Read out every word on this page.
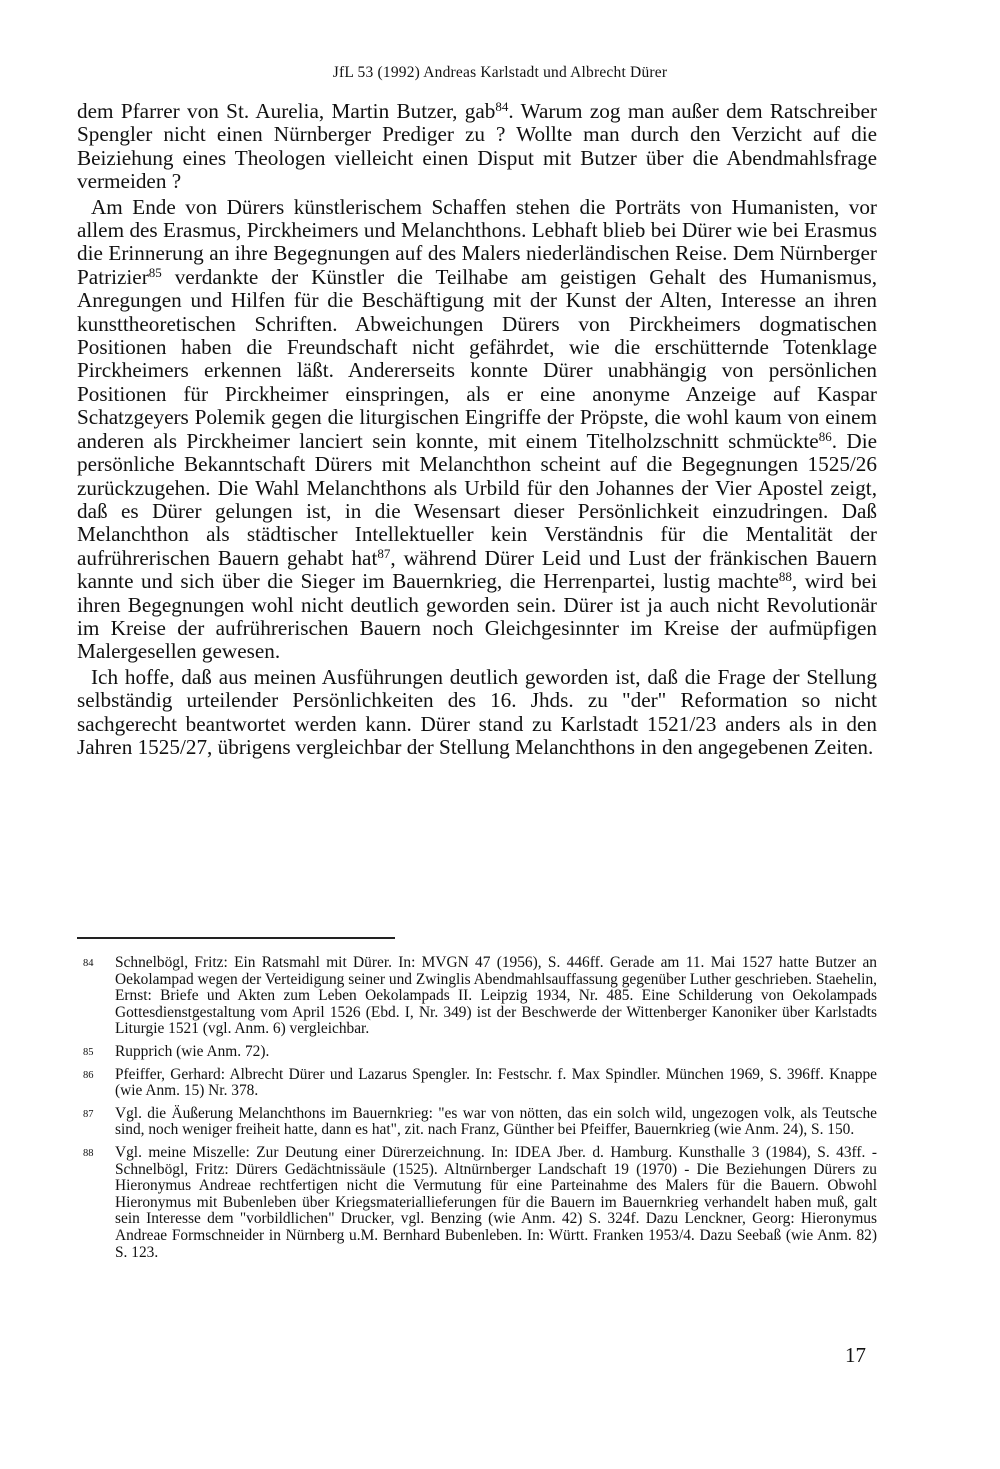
JfL 53 (1992) Andreas Karlstadt und Albrecht Dürer

dem Pfarrer von St. Aurelia, Martin Butzer, gab$^{84}$. Warum zog man außer dem Ratschreiber Spengler nicht einen Nürnberger Prediger zu ? Wollte man durch den Verzicht auf die Beiziehung eines Theologen vielleicht einen Disput mit Butzer über die Abendmahlsfrage vermeiden ?

Am Ende von Dürers künstlerischem Schaffen stehen die Porträts von Humanisten, vor allem des Erasmus, Pirckheimers und Melanchthons. Lebhaft blieb bei Dürer wie bei Erasmus die Erinnerung an ihre Begegnungen auf des Malers niederländischen Reise. Dem Nürnberger Patrizier$^{85}$ verdankte der Künstler die Teilhabe am geistigen Gehalt des Humanismus, Anregungen und Hilfen für die Beschäftigung mit der Kunst der Alten, Interesse an ihren kunsttheoretischen Schriften. Abweichungen Dürers von Pirckheimers dogmatischen Positionen haben die Freundschaft nicht gefährdet, wie die erschütternde Totenklage Pirckheimers erkennen läßt. Andererseits konnte Dürer unabhängig von persönlichen Positionen für Pirckheimer einspringen, als er eine anonyme Anzeige auf Kaspar Schatzgeyers Polemik gegen die liturgischen Eingriffe der Pröpste, die wohl kaum von einem anderen als Pirckheimer lanciert sein konnte, mit einem Titelholzschnitt schmückte$^{86}$. Die persönliche Bekanntschaft Dürers mit Melanchthon scheint auf die Begegnungen 1525/26 zurückzugehen. Die Wahl Melanchthons als Urbild für den Johannes der Vier Apostel zeigt, daß es Dürer gelungen ist, in die Wesensart dieser Persönlichkeit einzudringen. Daß Melanchthon als städtischer Intellektueller kein Verständnis für die Mentalität der aufrührerischen Bauern gehabt hat$^{87}$, während Dürer Leid und Lust der fränkischen Bauern kannte und sich über die Sieger im Bauernkrieg, die Herrenpartei, lustig machte$^{88}$, wird bei ihren Begegnungen wohl nicht deutlich geworden sein. Dürer ist ja auch nicht Revolutionär im Kreise der aufrührerischen Bauern noch Gleichgesinnter im Kreise der aufmüpfigen Malergesellen gewesen.

Ich hoffe, daß aus meinen Ausführungen deutlich geworden ist, daß die Frage der Stellung selbständig urteilender Persönlichkeiten des 16. Jhds. zu "der" Reformation so nicht sachgerecht beantwortet werden kann. Dürer stand zu Karlstadt 1521/23 anders als in den Jahren 1525/27, übrigens vergleichbar der Stellung Melanchthons in den angegebenen Zeiten.

84 Schnelbögl, Fritz: Ein Ratsmahl mit Dürer. In: MVGN 47 (1956), S. 446ff. Gerade am 11. Mai 1527 hatte Butzer an Oekolampad wegen der Verteidigung seiner und Zwinglis Abendmahlsauffassung gegenüber Luther geschrieben. Staehelin, Ernst: Briefe und Akten zum Leben Oekolampads II. Leipzig 1934, Nr. 485. Eine Schilderung von Oekolampads Gottesdienstgestaltung vom April 1526 (Ebd. I, Nr. 349) ist der Beschwerde der Wittenberger Kanoniker über Karlstadts Liturgie 1521 (vgl. Anm. 6) vergleichbar.
85 Rupprich (wie Anm. 72).
86 Pfeiffer, Gerhard: Albrecht Dürer und Lazarus Spengler. In: Festschr. f. Max Spindler. München 1969, S. 396ff. Knappe (wie Anm. 15) Nr. 378.
87 Vgl. die Äußerung Melanchthons im Bauernkrieg: "es war von nötten, das ein solch wild, ungezogen volk, als Teutsche sind, noch weniger freiheit hatte, dann es hat", zit. nach Franz, Günther bei Pfeiffer, Bauernkrieg (wie Anm. 24), S. 150.
88 Vgl. meine Miszelle: Zur Deutung einer Dürerzeichnung. In: IDEA Jber. d. Hamburg. Kunsthalle 3 (1984), S. 43ff. - Schnelbögl, Fritz: Dürers Gedächtnissäule (1525). Altnürnberger Landschaft 19 (1970) - Die Beziehungen Dürers zu Hieronymus Andreae rechtfertigen nicht die Vermutung für eine Parteinahme des Malers für die Bauern. Obwohl Hieronymus mit Bubenleben über Kriegsmateriallieferungen für die Bauern im Bauernkrieg verhandelt haben muß, galt sein Interesse dem "vorbildlichen" Drucker, vgl. Benzing (wie Anm. 42) S. 324f. Dazu Lenckner, Georg: Hieronymus Andreae Formschneider in Nürnberg u.M. Bernhard Bubenleben. In: Württ. Franken 1953/4. Dazu Seebaß (wie Anm. 82) S. 123.
17
